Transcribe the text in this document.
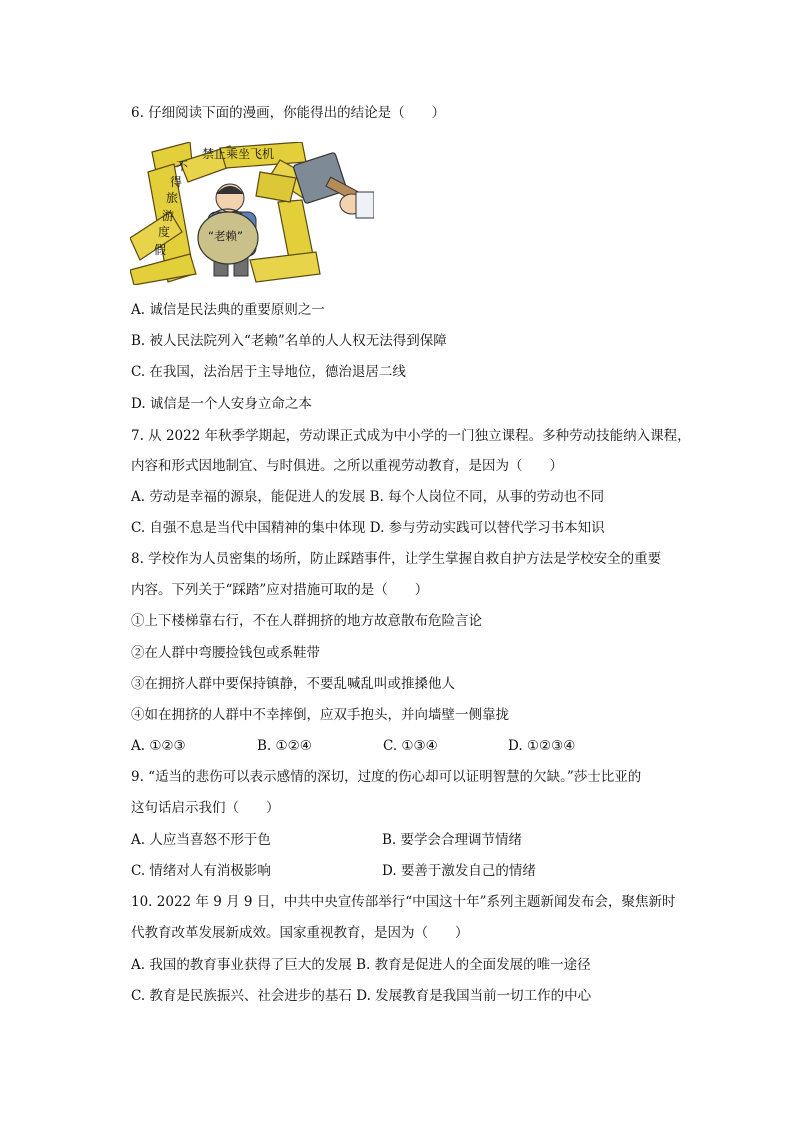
6. 仔细阅读下面的漫画，你能得出的结论是（　　）
禁止乘坐飞机
不
得
旅
游
度
假
“老赖”
A. 诚信是民法典的重要原则之一
B. 被人民法院列入“老赖”名单的人人权无法得到保障
C. 在我国，法治居于主导地位，德治退居二线
D. 诚信是一个人安身立命之本
7. 从 2022 年秋季学期起，劳动课正式成为中小学的一门独立课程。多种劳动技能纳入课程，
内容和形式因地制宜、与时俱进。之所以重视劳动教育，是因为（　　）
A. 劳动是幸福的源泉，能促进人的发展 B. 每个人岗位不同，从事的劳动也不同
C. 自强不息是当代中国精神的集中体现 D. 参与劳动实践可以替代学习书本知识
8. 学校作为人员密集的场所，防止踩踏事件，让学生掌握自救自护方法是学校安全的重要
内容。下列关于“踩踏”应对措施可取的是（　　）
①上下楼梯靠右行，不在人群拥挤的地方故意散布危险言论
②在人群中弯腰捡钱包或系鞋带
③在拥挤人群中要保持镇静，不要乱喊乱叫或推搡他人
④如在拥挤的人群中不幸摔倒，应双手抱头，并向墙壁一侧靠拢
A. ①②③	B. ①②④	C. ①③④	D. ①②③④
9. “适当的悲伤可以表示感情的深切，过度的伤心却可以证明智慧的欠缺。”莎士比亚的
这句话启示我们（　　）
A. 人应当喜怒不形于色	B. 要学会合理调节情绪
C. 情绪对人有消极影响	D. 要善于激发自己的情绪
10. 2022 年 9 月 9 日，中共中央宣传部举行“中国这十年”系列主题新闻发布会，聚焦新时
代教育改革发展新成效。国家重视教育，是因为（　　）
A. 我国的教育事业获得了巨大的发展 B. 教育是促进人的全面发展的唯一途径
C. 教育是民族振兴、社会进步的基石 D. 发展教育是我国当前一切工作的中心
